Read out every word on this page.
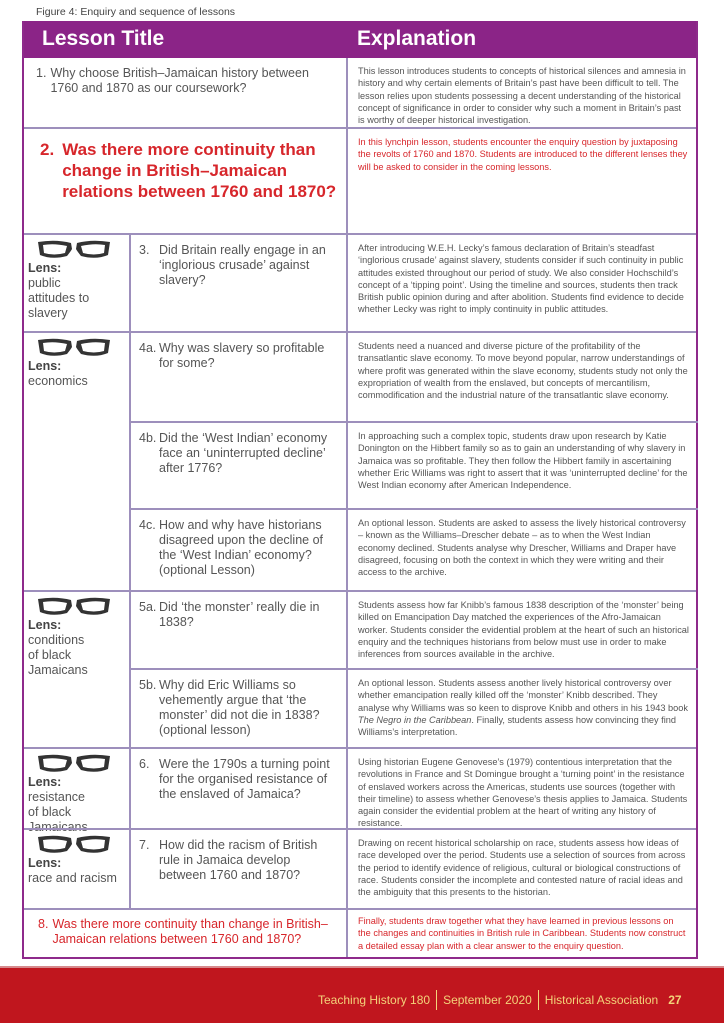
Figure 4: Enquiry and sequence of lessons
Lesson Title	Explanation
1. Why choose British–Jamaican history between 1760 and 1870 as our coursework?
This lesson introduces students to concepts of historical silences and amnesia in history and why certain elements of Britain’s past have been difficult to tell. The lesson relies upon students possessing a decent understanding of the historical concept of significance in order to consider why such a moment in Britain’s past is worthy of deeper historical investigation.
2. Was there more continuity than change in British–Jamaican relations between 1760 and 1870?
In this lynchpin lesson, students encounter the enquiry question by juxtaposing the revolts of 1760 and 1870. Students are introduced to the different lenses they will be asked to consider in the coming lessons.
Lens:
public attitudes to slavery
3. Did Britain really engage in an ‘inglorious crusade’ against slavery?
After introducing W.E.H. Lecky’s famous declaration of Britain’s steadfast ‘inglorious crusade’ against slavery, students consider if such continuity in public attitudes existed throughout our period of study. We also consider Hochschild’s concept of a ‘tipping point’. Using the timeline and sources, students then track British public opinion during and after abolition. Students find evidence to decide whether Lecky was right to imply continuity in public attitudes.
Lens:
economics
4a. Why was slavery so profitable for some?
Students need a nuanced and diverse picture of the profitability of the transatlantic slave economy. To move beyond popular, narrow understandings of where profit was generated within the slave economy, students study not only the expropriation of wealth from the enslaved, but concepts of mercantilism, commodification and the industrial nature of the transatlantic slave economy.
4b. Did the ‘West Indian’ economy face an ‘uninterrupted decline’ after 1776?
In approaching such a complex topic, students draw upon research by Katie Donington on the Hibbert family so as to gain an understanding of why slavery in Jamaica was so profitable. They then follow the Hibbert family in ascertaining whether Eric Williams was right to assert that it was ‘uninterrupted decline’ for the West Indian economy after American Independence.
4c. How and why have historians disagreed upon the decline of the ‘West Indian’ economy? (optional Lesson)
An optional lesson. Students are asked to assess the lively historical controversy – known as the Williams–Drescher debate – as to when the West Indian economy declined. Students analyse why Drescher, Williams and Draper have disagreed, focusing on both the context in which they were writing and their access to the archive.
Lens:
conditions of black Jamaicans
5a. Did ‘the monster’ really die in 1838?
Students assess how far Knibb’s famous 1838 description of the ‘monster’ being killed on Emancipation Day matched the experiences of the Afro-Jamaican worker. Students consider the evidential problem at the heart of such an historical enquiry and the techniques historians from below must use in order to make inferences from sources available in the archive.
5b. Why did Eric Williams so vehemently argue that ‘the monster’ did not die in 1838? (optional lesson)
An optional lesson. Students assess another lively historical controversy over whether emancipation really killed off the ‘monster’ Knibb described. They analyse why Williams was so keen to disprove Knibb and others in his 1943 book The Negro in the Caribbean. Finally, students assess how convincing they find Williams’s interpretation.
Lens:
resistance of black Jamaicans
6. Were the 1790s a turning point for the organised resistance of the enslaved of Jamaica?
Using historian Eugene Genovese’s (1979) contentious interpretation that the revolutions in France and St Domingue brought a ‘turning point’ in the resistance of enslaved workers across the Americas, students use sources (together with their timeline) to assess whether Genovese’s thesis applies to Jamaica. Students again consider the evidential problem at the heart of writing any history of resistance.
Lens:
race and racism
7. How did the racism of British rule in Jamaica develop between 1760 and 1870?
Drawing on recent historical scholarship on race, students assess how ideas of race developed over the period. Students use a selection of sources from across the period to identify evidence of religious, cultural or biological constructions of race. Students consider the incomplete and contested nature of racial ideas and the ambiguity that this presents to the historian.
8. Was there more continuity than change in British–Jamaican relations between 1760 and 1870?
Finally, students draw together what they have learned in previous lessons on the changes and continuities in British rule in Caribbean. Students now construct a detailed essay plan with a clear answer to the enquiry question.
Teaching History 180 September 2020 Historical Association 27
